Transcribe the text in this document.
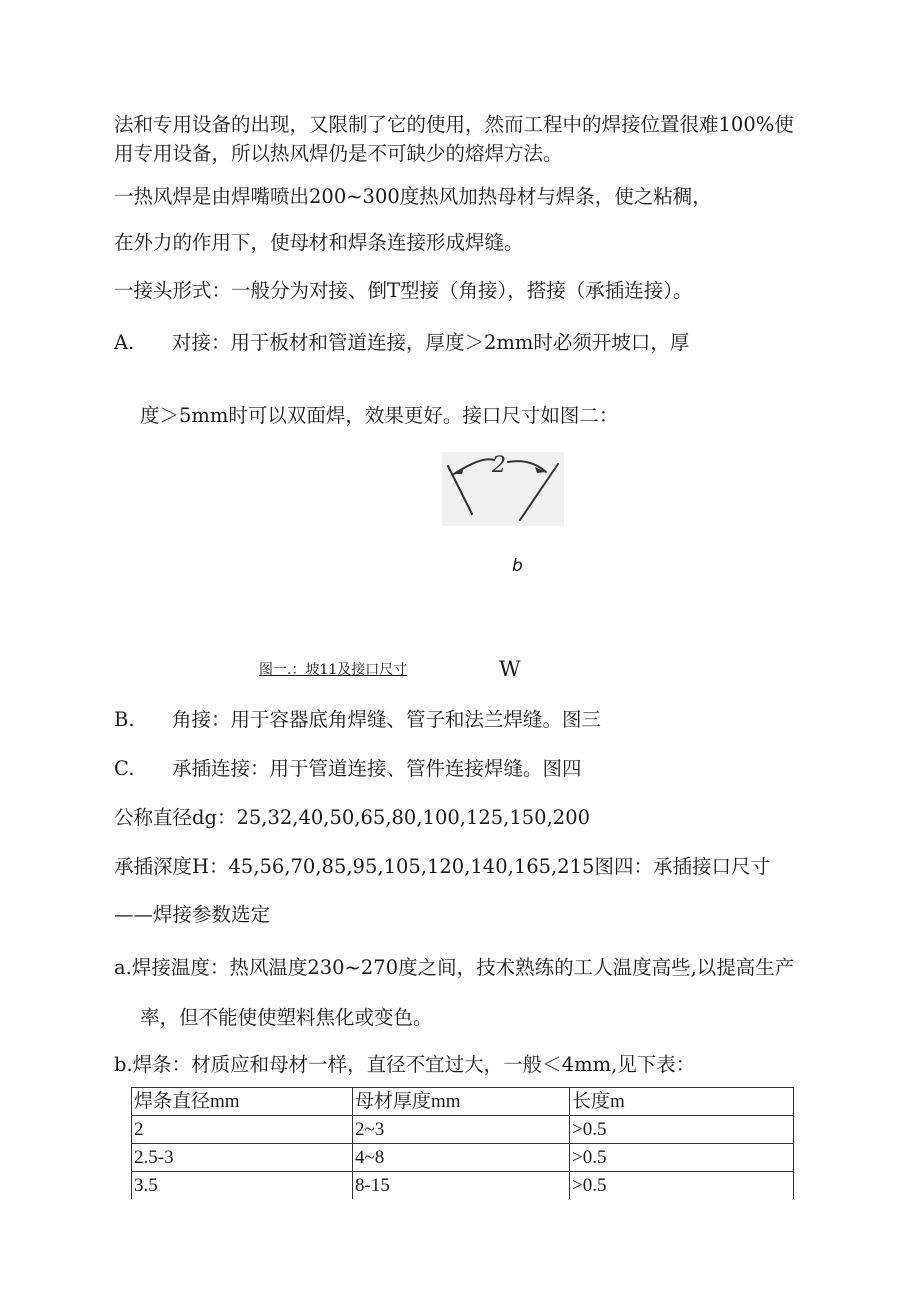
法和专用设备的出现，又限制了它的使用，然而工程中的焊接位置很难100%使
用专用设备，所以热风焊仍是不可缺少的熔焊方法。
一热风焊是由焊嘴喷出200~300度热风加热母材与焊条，使之粘稠，
在外力的作用下，使母材和焊条连接形成焊缝。
一接头形式：一般分为对接、倒T型接（角接），搭接（承插连接）。
A. 对接：用于板材和管道连接，厚度＞2mm时必须开坡口，厚
度＞5mm时可以双面焊，效果更好。接口尺寸如图二：
2
b
图一.：坡11及接口尺寸	W
B. 角接：用于容器底角焊缝、管子和法兰焊缝。图三
C. 承插连接：用于管道连接、管件连接焊缝。图四
公称直径dg：25,32,40,50,65,80,100,125,150,200
承插深度H：45,56,70,85,95,105,120,140,165,215图四：承插接口尺寸
——焊接参数选定
a.焊接温度：热风温度230~270度之间，技术熟练的工人温度高些,以提高生产
率，但不能使使塑料焦化或变色。
b.焊条：材质应和母材一样，直径不宜过大，一般＜4mm,见下表：
焊条直径mm	母材厚度mm	长度m
2	2~3	>0.5
2.5-3	4~8	>0.5
3.5	8-15	>0.5
